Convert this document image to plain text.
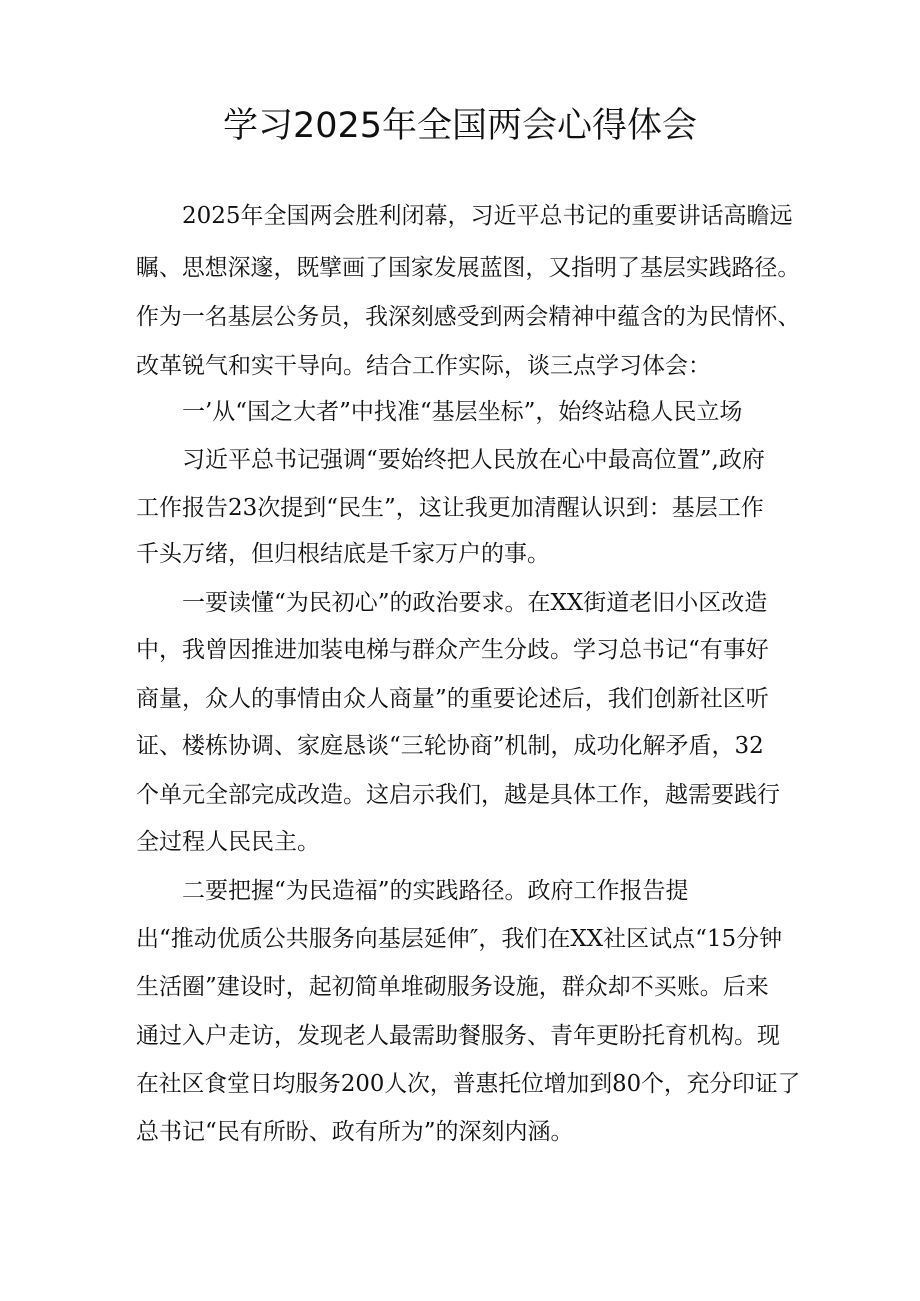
学习2025年全国两会心得体会
2025年全国两会胜利闭幕，习近平总书记的重要讲话高瞻远
瞩、思想深邃，既擘画了国家发展蓝图，又指明了基层实践路径。
作为一名基层公务员，我深刻感受到两会精神中蕴含的为民情怀、
改革锐气和实干导向。结合工作实际，谈三点学习体会：
一’从“国之大者”中找准“基层坐标”，始终站稳人民立场
习近平总书记强调“要始终把人民放在心中最高位置”,政府
工作报告23次提到“民生”，这让我更加清醒认识到：基层工作
千头万绪，但归根结底是千家万户的事。
一要读懂“为民初心”的政治要求。在XX街道老旧小区改造
中，我曾因推进加装电梯与群众产生分歧。学习总书记“有事好
商量，众人的事情由众人商量”的重要论述后，我们创新社区听
证、楼栋协调、家庭恳谈“三轮协商”机制，成功化解矛盾，32
个单元全部完成改造。这启示我们，越是具体工作，越需要践行
全过程人民民主。
二要把握“为民造福”的实践路径。政府工作报告提
出“推动优质公共服务向基层延伸″，我们在XX社区试点“15分钟
生活圈”建设时，起初简单堆砌服务设施，群众却不买账。后来
通过入户走访，发现老人最需助餐服务、青年更盼托育机构。现
在社区食堂日均服务200人次，普惠托位增加到80个，充分印证了
总书记“民有所盼、政有所为”的深刻内涵。
